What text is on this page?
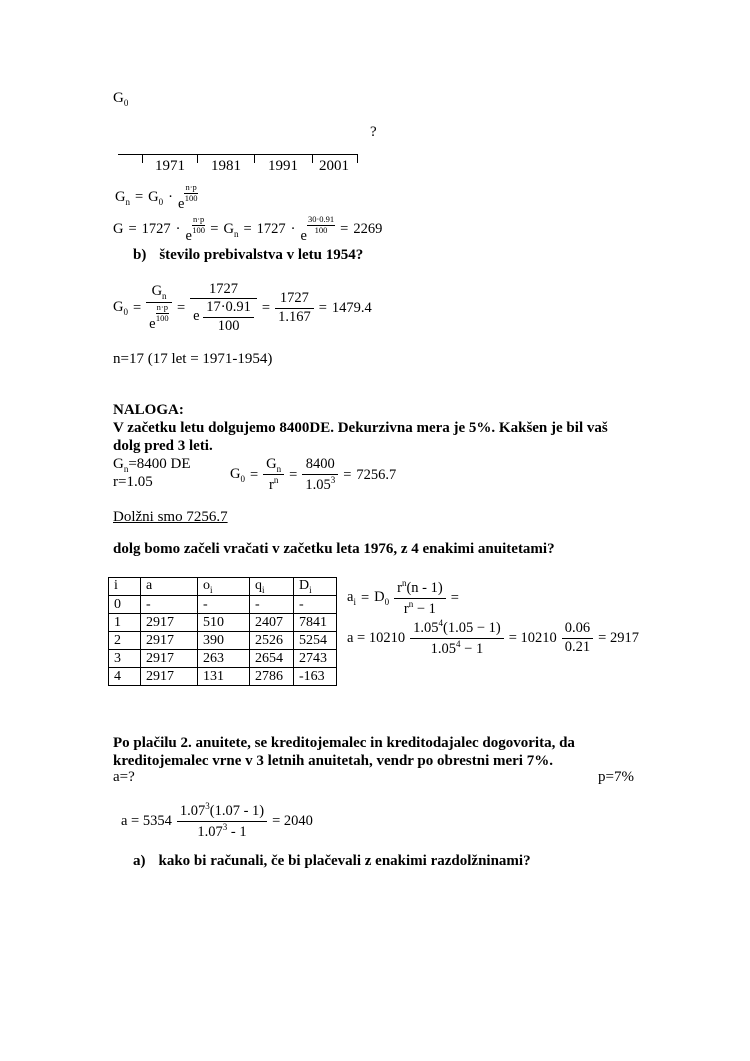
$G_0$
?
1971	1981	1991	2001
$G_n = G_0 \cdot e$
$\frac{n\cdot p}{100}$
G = 1727 · e
$\frac{n\cdot p}{100} = G_n = 1727 \cdot e$
$\frac{30\cdot 0.91}{100} = 2269$
b) število prebivalstva v letu 1954?
$G_0 = G_n$
e
$\frac{n\cdot p}{100} = \frac{1727}{e \frac{17\cdot 0.91}{100}} = \frac{1727}{1.167} = 1479.4$
n=17 (17 let = 1971-1954)
NALOGA:
V začetku letu dolgujemo 8400DE. Dekurzivna mera je 5%. Kakšen je bil vaš
dolg pred 3 leti.
$G_n=8400$ DE
r=1.05	$G_0 = \frac{G_n}{r^n} = \frac{8400}{1.05^3} = 7256.7$
Dolžni smo 7256.7
dolg bomo začeli vračati v začetku leta 1976, z 4 enakimi anuitetami?
i	a	$o_i$	$q_i$	$D_i$
0	-	-	-	-
1	2917	510	2407	7841
2	2917	390	2526	5254
3	2917	263	2654	2743
4	2917	131	2786	-163
$a_i = D_0 \frac{r^n(n - 1)}{r^n - 1}$ =
$a = 10210 \frac{1.05^4(1.05 - 1)}{1.05^4 - 1} = 10210 \frac{0.06}{0.21} = 2917$
Po plačilu 2. anuitete, se kreditojemalec in kreditodajalec dogovorita, da
kreditojemalec vrne v 3 letnih anuitetah, vendr po obrestni meri 7%.
a=?	p=7%
$a = 5354 \frac{1.07^3(1.07 - 1)}{1.07^3 - 1} = 2040$
a) kako bi računali, če bi plačevali z enakimi razdolžninami?
